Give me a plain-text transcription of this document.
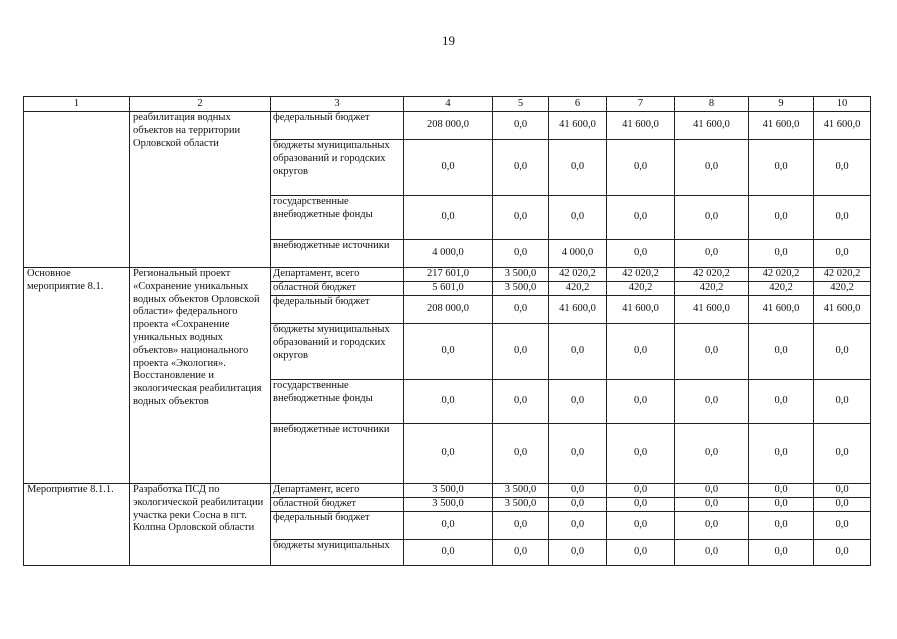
19
1	2	3	4	5	6	7	8	9	10
	реабилитация водных объектов на территории Орловской области	федеральный бюджет	208 000,0	0,0	41 600,0	41 600,0	41 600,0	41 600,0	41 600,0
		бюджеты муниципальных образований и городских округов	0,0	0,0	0,0	0,0	0,0	0,0	0,0
		государственные внебюджетные фонды	0,0	0,0	0,0	0,0	0,0	0,0	0,0
		внебюджетные источники	4 000,0	0,0	4 000,0	0,0	0,0	0,0	0,0
Основное мероприятие 8.1.	Региональный проект «Сохранение уникальных водных объектов Орловской области» федерального проекта «Сохранение уникальных водных объектов» национального проекта «Экология». Восстановление и экологическая реабилитация водных объектов	Департамент, всего	217 601,0	3 500,0	42 020,2	42 020,2	42 020,2	42 020,2	42 020,2
		областной бюджет	5 601,0	3 500,0	420,2	420,2	420,2	420,2	420,2
		федеральный бюджет	208 000,0	0,0	41 600,0	41 600,0	41 600,0	41 600,0	41 600,0
		бюджеты муниципальных образований и городских округов	0,0	0,0	0,0	0,0	0,0	0,0	0,0
		государственные внебюджетные фонды	0,0	0,0	0,0	0,0	0,0	0,0	0,0
		внебюджетные источники	0,0	0,0	0,0	0,0	0,0	0,0	0,0
Мероприятие 8.1.1.	Разработка ПСД по экологической реабилитации участка реки Сосна в пгт. Колпна Орловской области	Департамент, всего	3 500,0	3 500,0	0,0	0,0	0,0	0,0	0,0
		областной бюджет	3 500,0	3 500,0	0,0	0,0	0,0	0,0	0,0
		федеральный бюджет	0,0	0,0	0,0	0,0	0,0	0,0	0,0
		бюджеты муниципальных	0,0	0,0	0,0	0,0	0,0	0,0	0,0
